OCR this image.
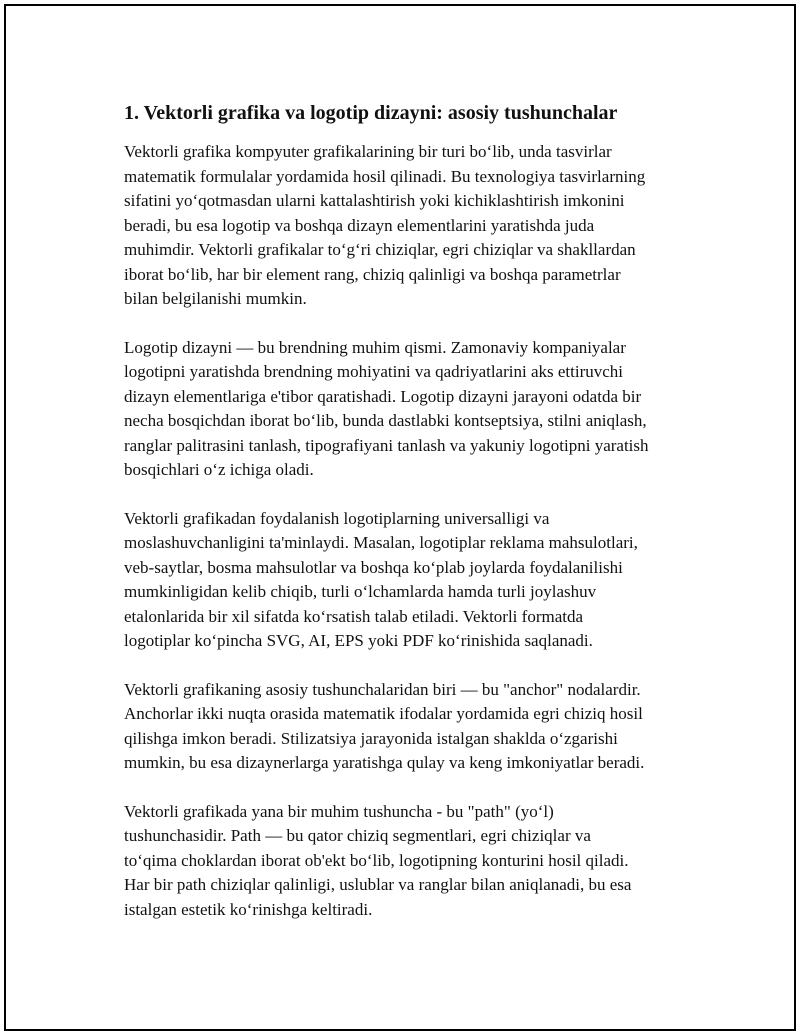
1. Vektorli grafika va logotip dizayni: asosiy tushunchalar

Vektorli grafika kompyuter grafikalarining bir turi bo‘lib, unda tasvirlar
matematik formulalar yordamida hosil qilinadi. Bu texnologiya tasvirlarning
sifatini yo‘qotmasdan ularni kattalashtirish yoki kichiklashtirish imkonini
beradi, bu esa logotip va boshqa dizayn elementlarini yaratishda juda
muhimdir. Vektorli grafikalar to‘g‘ri chiziqlar, egri chiziqlar va shakllardan
iborat bo‘lib, har bir element rang, chiziq qalinligi va boshqa parametrlar
bilan belgilanishi mumkin.

Logotip dizayni — bu brendning muhim qismi. Zamonaviy kompaniyalar
logotipni yaratishda brendning mohiyatini va qadriyatlarini aks ettiruvchi
dizayn elementlariga e'tibor qaratishadi. Logotip dizayni jarayoni odatda bir
necha bosqichdan iborat bo‘lib, bunda dastlabki kontseptsiya, stilni aniqlash,
ranglar palitrasini tanlash, tipografiyani tanlash va yakuniy logotipni yaratish
bosqichlari o‘z ichiga oladi.

Vektorli grafikadan foydalanish logotiplarning universalligi va
moslashuvchanligini ta'minlaydi. Masalan, logotiplar reklama mahsulotlari,
veb-saytlar, bosma mahsulotlar va boshqa ko‘plab joylarda foydalanilishi
mumkinligidan kelib chiqib, turli o‘lchamlarda hamda turli joylashuv
etalonlarida bir xil sifatda ko‘rsatish talab etiladi. Vektorli formatda
logotiplar ko‘pincha SVG, AI, EPS yoki PDF ko‘rinishida saqlanadi.

Vektorli grafikaning asosiy tushunchalaridan biri — bu "anchor" nodalardir.
Anchorlar ikki nuqta orasida matematik ifodalar yordamida egri chiziq hosil
qilishga imkon beradi. Stilizatsiya jarayonida istalgan shaklda o‘zgarishi
mumkin, bu esa dizaynerlarga yaratishga qulay va keng imkoniyatlar beradi.

Vektorli grafikada yana bir muhim tushuncha - bu "path" (yo‘l)
tushunchasidir. Path — bu qator chiziq segmentlari, egri chiziqlar va
to‘qima choklardan iborat ob'ekt bo‘lib, logotipning konturini hosil qiladi.
Har bir path chiziqlar qalinligi, uslublar va ranglar bilan aniqlanadi, bu esa
istalgan estetik ko‘rinishga keltiradi.
